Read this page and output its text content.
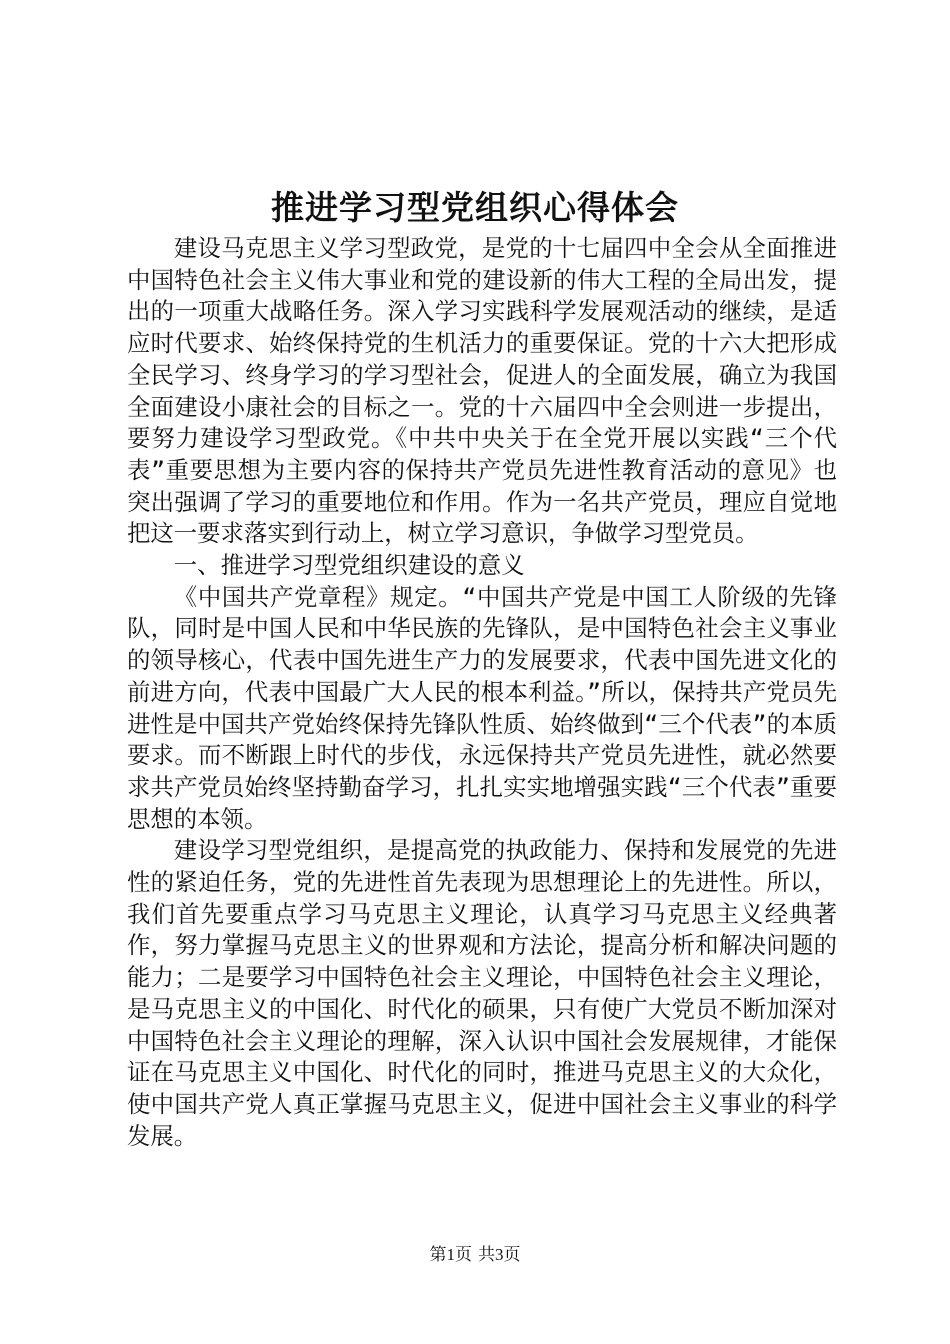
推进学习型党组织心得体会

建设马克思主义学习型政党，是党的十七届四中全会从全面推进中国特色社会主义伟大事业和党的建设新的伟大工程的全局出发，提出的一项重大战略任务。深入学习实践科学发展观活动的继续，是适应时代要求、始终保持党的生机活力的重要保证。党的十六大把形成全民学习、终身学习的学习型社会，促进人的全面发展，确立为我国全面建设小康社会的目标之一。党的十六届四中全会则进一步提出，要努力建设学习型政党。《中共中央关于在全党开展以实践“三个代表”重要思想为主要内容的保持共产党员先进性教育活动的意见》也突出强调了学习的重要地位和作用。作为一名共产党员，理应自觉地把这一要求落实到行动上，树立学习意识，争做学习型党员。

一、推进学习型党组织建设的意义

《中国共产党章程》规定。“中国共产党是中国工人阶级的先锋队，同时是中国人民和中华民族的先锋队，是中国特色社会主义事业的领导核心，代表中国先进生产力的发展要求，代表中国先进文化的前进方向，代表中国最广大人民的根本利益。”所以，保持共产党员先进性是中国共产党始终保持先锋队性质、始终做到“三个代表”的本质要求。而不断跟上时代的步伐，永远保持共产党员先进性，就必然要求共产党员始终坚持勤奋学习，扎扎实实地增强实践“三个代表”重要思想的本领。

建设学习型党组织，是提高党的执政能力、保持和发展党的先进性的紧迫任务，党的先进性首先表现为思想理论上的先进性。所以，我们首先要重点学习马克思主义理论，认真学习马克思主义经典著作，努力掌握马克思主义的世界观和方法论，提高分析和解决问题的能力；二是要学习中国特色社会主义理论，中国特色社会主义理论，是马克思主义的中国化、时代化的硕果，只有使广大党员不断加深对中国特色社会主义理论的理解，深入认识中国社会发展规律，才能保证在马克思主义中国化、时代化的同时，推进马克思主义的大众化，使中国共产党人真正掌握马克思主义，促进中国社会主义事业的科学发展。

第1页 共3页
